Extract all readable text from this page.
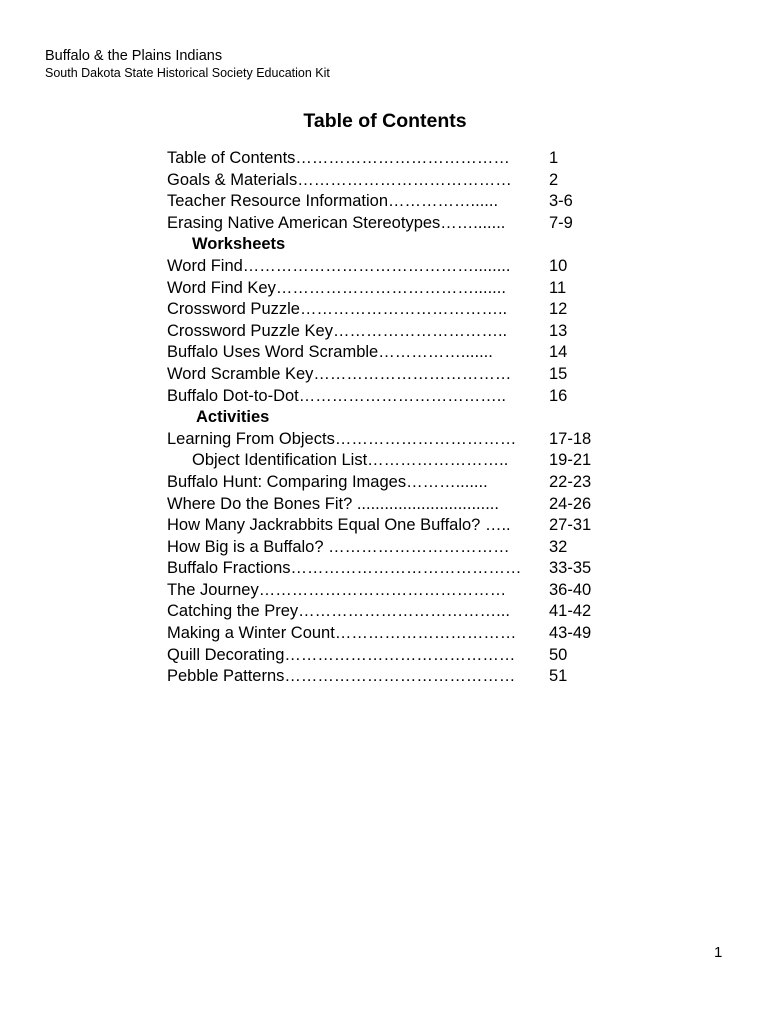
Buffalo & the Plains Indians
South Dakota State Historical Society Education Kit
Table of Contents
Table of Contents………………………………… 1
Goals & Materials………………………………… 2
Teacher Resource Information……………......	3-6
Erasing Native American Stereotypes…….......	7-9
Worksheets
Word Find……………………………………........ 10
Word Find Key……………………………….......	11
Crossword Puzzle………………………………..	12
Crossword Puzzle Key…………………………..	13
Buffalo Uses Word Scramble…………….......	14
Word Scramble Key……………………………… 15
Buffalo Dot-to-Dot………………………………..	16
Activities
Learning From Objects…………………………… 17-18
Object Identification List…………………….. 19-21
Buffalo Hunt: Comparing Images……….......	22-23
Where Do the Bones Fit? ...............................	24-26
How Many Jackrabbits Equal One Buffalo? ….. 27-31
How Big is a Buffalo? …………………………… 32
Buffalo Fractions…………………………………… 33-35
The Journey………………………………………	36-40
Catching the Prey………………………………... 41-42
Making a Winter Count…………………………… 43-49
Quill Decorating…………………………………… 50
Pebble Patterns…………………………………… 51
1
